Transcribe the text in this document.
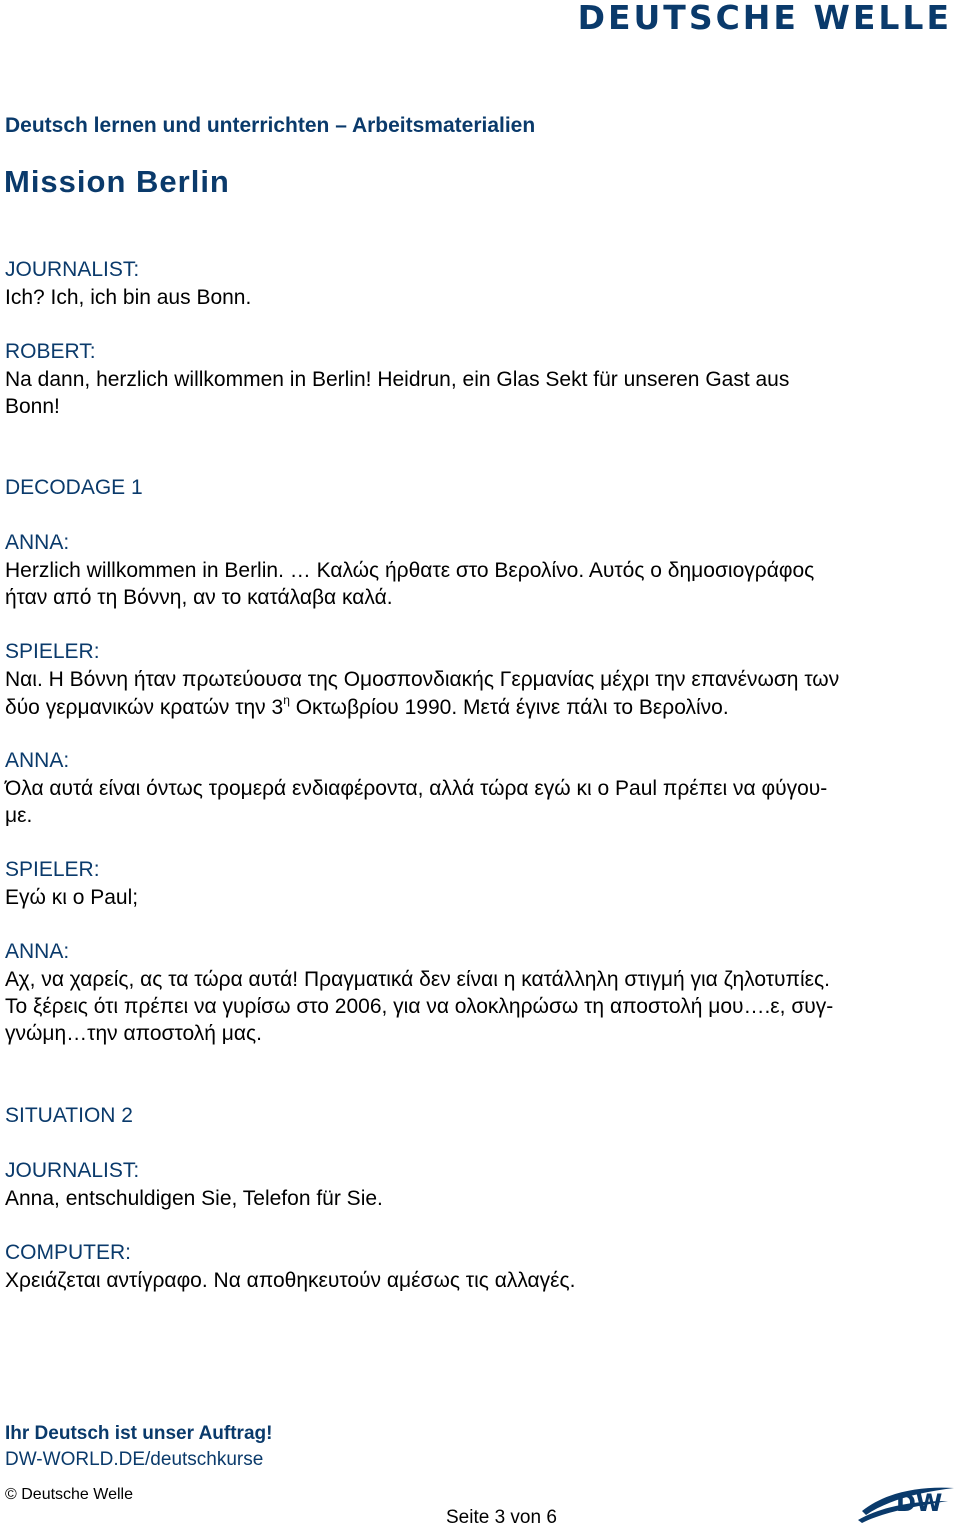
DEUTSCHE WELLE
Deutsch lernen und unterrichten – Arbeitsmaterialien
Mission Berlin
JOURNALIST:
Ich? Ich, ich bin aus Bonn.
ROBERT:
Na dann, herzlich willkommen in Berlin! Heidrun, ein Glas Sekt für unseren Gast aus
Bonn!
DECODAGE 1
ANNA:
Herzlich willkommen in Berlin. … Καλώς ήρθατε στο Βερολίνο. Αυτός ο δημοσιογράφος
ήταν από τη Βόννη, αν το κατάλαβα καλά.
SPIELER:
Ναι. Η Βόννη ήταν πρωτεύουσα της Ομοσπονδιακής Γερμανίας μέχρι την επανένωση των
δύο γερμανικών κρατών την $3^\eta$ Οκτωβρίου 1990. Μετά έγινε πάλι το Βερολίνο.
ANNA:
Όλα αυτά είναι όντως τρομερά ενδιαφέροντα, αλλά τώρα εγώ κι ο Paul πρέπει να φύγου-
με.
SPIELER:
Εγώ κι ο Paul;
ANNA:
Αχ, να χαρείς, ας τα τώρα αυτά! Πραγματικά δεν είναι η κατάλληλη στιγμή για ζηλοτυπίες.
Το ξέρεις ότι πρέπει να γυρίσω στο 2006, για να ολοκληρώσω τη αποστολή μου….ε, συγ-
γνώμη…την αποστολή μας.
SITUATION 2
JOURNALIST:
Anna, entschuldigen Sie, Telefon für Sie.
COMPUTER:
Χρειάζεται αντίγραφο. Να αποθηκευτούν αμέσως τις αλλαγές.
Ihr Deutsch ist unser Auftrag!
DW-WORLD.DE/deutschkurse
© Deutsche Welle
Seite 3 von 6
DW
